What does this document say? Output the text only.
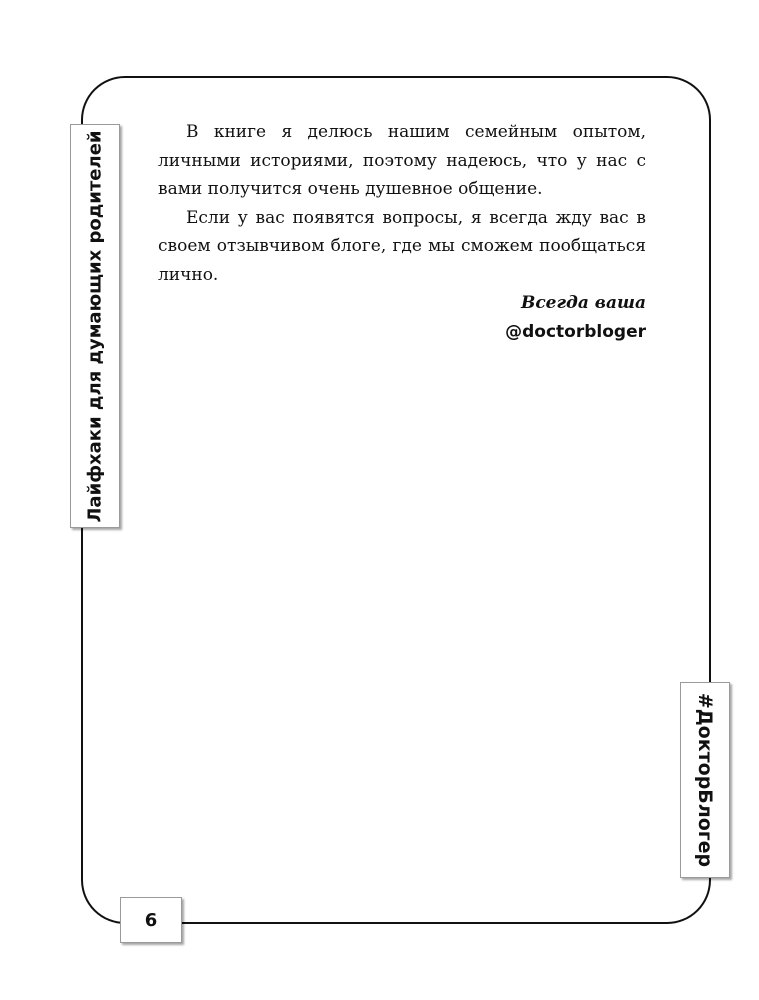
Лайфхаки для думающих родителей
#ДокторБлогер
6

В книге я делюсь нашим семейным опытом, личными историями, поэтому надеюсь, что у нас с вами получится очень душевное общение.

Если у вас появятся вопросы, я всегда жду вас в своем отзывчивом блоге, где мы сможем пообщаться лично.

Всегда ваша
@doctorbloger
